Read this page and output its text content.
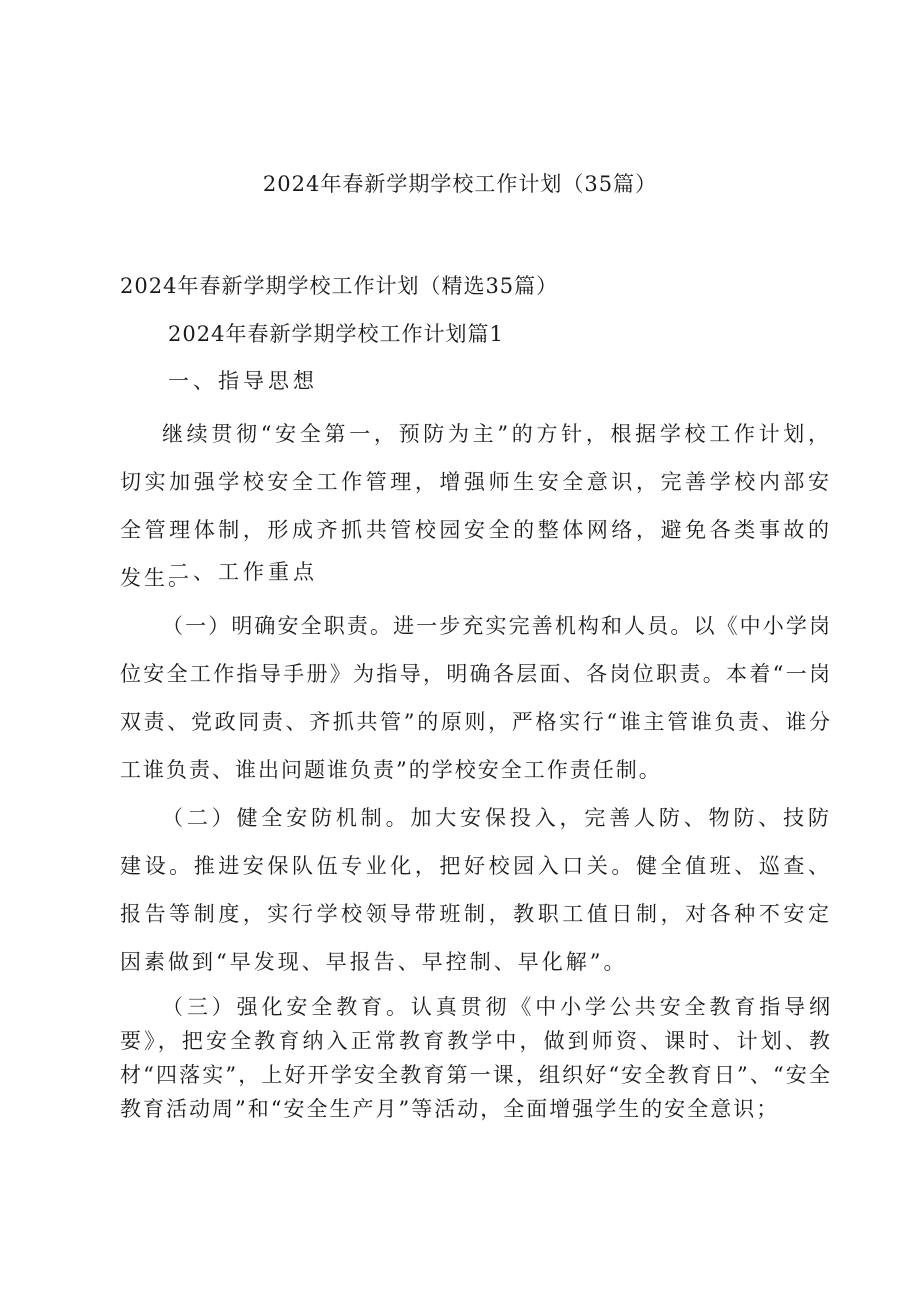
2024年春新学期学校工作计划（35篇）
2024年春新学期学校工作计划（精选35篇）
2024年春新学期学校工作计划篇1
一、指导思想

继续贯彻“安全第一，预防为主”的方针，根据学校工作计划，切实加强学校安全工作管理，增强师生安全意识，完善学校内部安全管理体制，形成齐抓共管校园安全的整体网络，避免各类事故的发生。

二、工作重点

（一）明确安全职责。进一步充实完善机构和人员。以《中小学岗位安全工作指导手册》为指导，明确各层面、各岗位职责。本着“一岗双责、党政同责、齐抓共管”的原则，严格实行“谁主管谁负责、谁分工谁负责、谁出问题谁负责”的学校安全工作责任制。

（二）健全安防机制。加大安保投入，完善人防、物防、技防建设。推进安保队伍专业化，把好校园入口关。健全值班、巡查、报告等制度，实行学校领导带班制，教职工值日制，对各种不安定因素做到“早发现、早报告、早控制、早化解”。

（三）强化安全教育。认真贯彻《中小学公共安全教育指导纲要》，把安全教育纳入正常教育教学中，做到师资、课时、计划、教材“四落实”，上好开学安全教育第一课，组织好“安全教育日”、“安全教育活动周”和“安全生产月”等活动，全面增强学生的安全意识；
